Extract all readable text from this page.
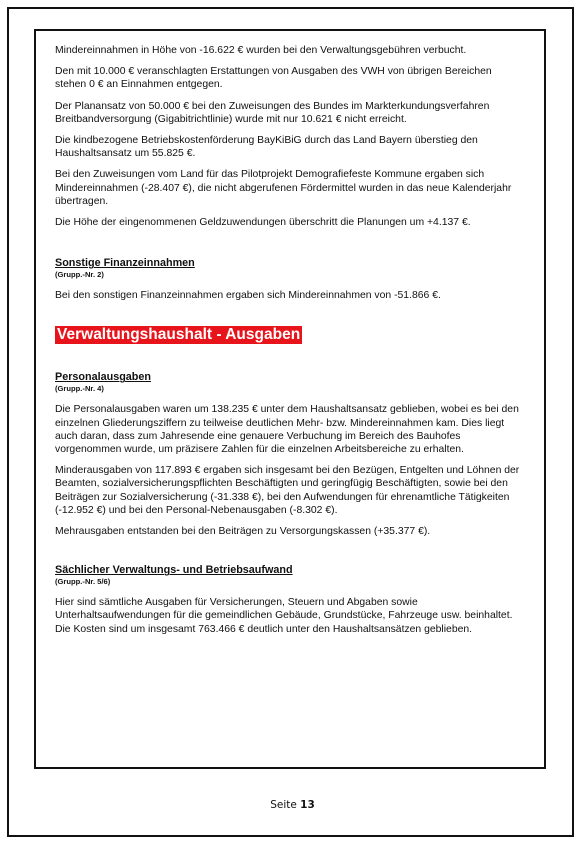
Mindereinnahmen in Höhe von -16.622 € wurden bei den Verwaltungsgebühren verbucht.

Den mit 10.000 € veranschlagten Erstattungen von Ausgaben des VWH von übrigen Bereichen stehen 0 € an Einnahmen entgegen.

Der Planansatz von 50.000 € bei den Zuweisungen des Bundes im Markterkundungsverfahren Breitbandversorgung (Gigabitrichtlinie) wurde mit nur 10.621 € nicht erreicht.

Die kindbezogene Betriebskostenförderung BayKiBiG durch das Land Bayern überstieg den Haushaltsansatz um 55.825 €.

Bei den Zuweisungen vom Land für das Pilotprojekt Demografiefeste Kommune ergaben sich Mindereinnahmen (-28.407 €), die nicht abgerufenen Fördermittel wurden in das neue Kalenderjahr übertragen.

Die Höhe der eingenommenen Geldzuwendungen überschritt die Planungen um +4.137 €.

Sonstige Finanzeinnahmen
(Grupp.-Nr. 2)

Bei den sonstigen Finanzeinnahmen ergaben sich Mindereinnahmen von -51.866 €.

Verwaltungshaushalt - Ausgaben
Personalausgaben
(Grupp.-Nr. 4)

Die Personalausgaben waren um 138.235 € unter dem Haushaltsansatz geblieben, wobei es bei den einzelnen Gliederungsziffern zu teilweise deutlichen Mehr- bzw. Mindereinnahmen kam. Dies liegt auch daran, dass zum Jahresende eine genauere Verbuchung im Bereich des Bauhofes vorgenommen wurde, um präzisere Zahlen für die einzelnen Arbeitsbereiche zu erhalten.

Minderausgaben von 117.893 € ergaben sich insgesamt bei den Bezügen, Entgelten und Löhnen der Beamten, sozialversicherungspflichten Beschäftigten und geringfügig Beschäftigten, sowie bei den Beiträgen zur Sozialversicherung (-31.338 €), bei den Aufwendungen für ehrenamtliche Tätigkeiten (-12.952 €) und bei den Personal-Nebenausgaben (-8.302 €).

Mehrausgaben entstanden bei den Beiträgen zu Versorgungskassen (+35.377 €).

Sächlicher Verwaltungs- und Betriebsaufwand
(Grupp.-Nr. 5/6)

Hier sind sämtliche Ausgaben für Versicherungen, Steuern und Abgaben sowie Unterhaltsaufwendungen für die gemeindlichen Gebäude, Grundstücke, Fahrzeuge usw. beinhaltet. Die Kosten sind um insgesamt 763.466 € deutlich unter den Haushaltsansätzen geblieben.

Seite 13
